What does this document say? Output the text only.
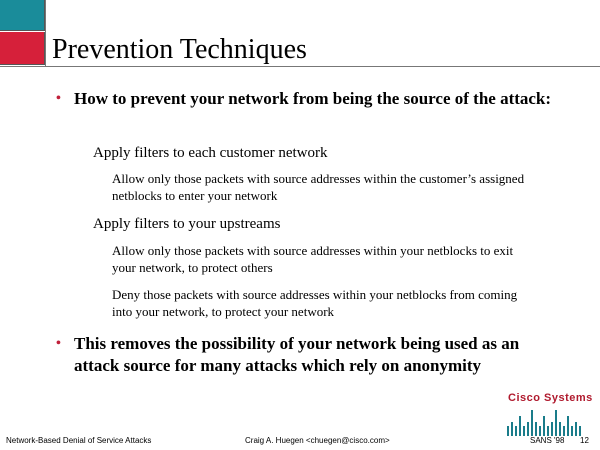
Prevention Techniques
• How to prevent your network from being the source of the attack:
Apply filters to each customer network
Allow only those packets with source addresses within the customer’s assigned netblocks to enter your network
Apply filters to your upstreams
Allow only those packets with source addresses within your netblocks to exit your network, to protect others
Deny those packets with source addresses within your netblocks from coming into your network, to protect your network
• This removes the possibility of your network being used as an attack source for many attacks which rely on anonymity
Cisco Systems
Network-Based Denial of Service Attacks	Craig A. Huegen <chuegen@cisco.com>	SANS '98 12
